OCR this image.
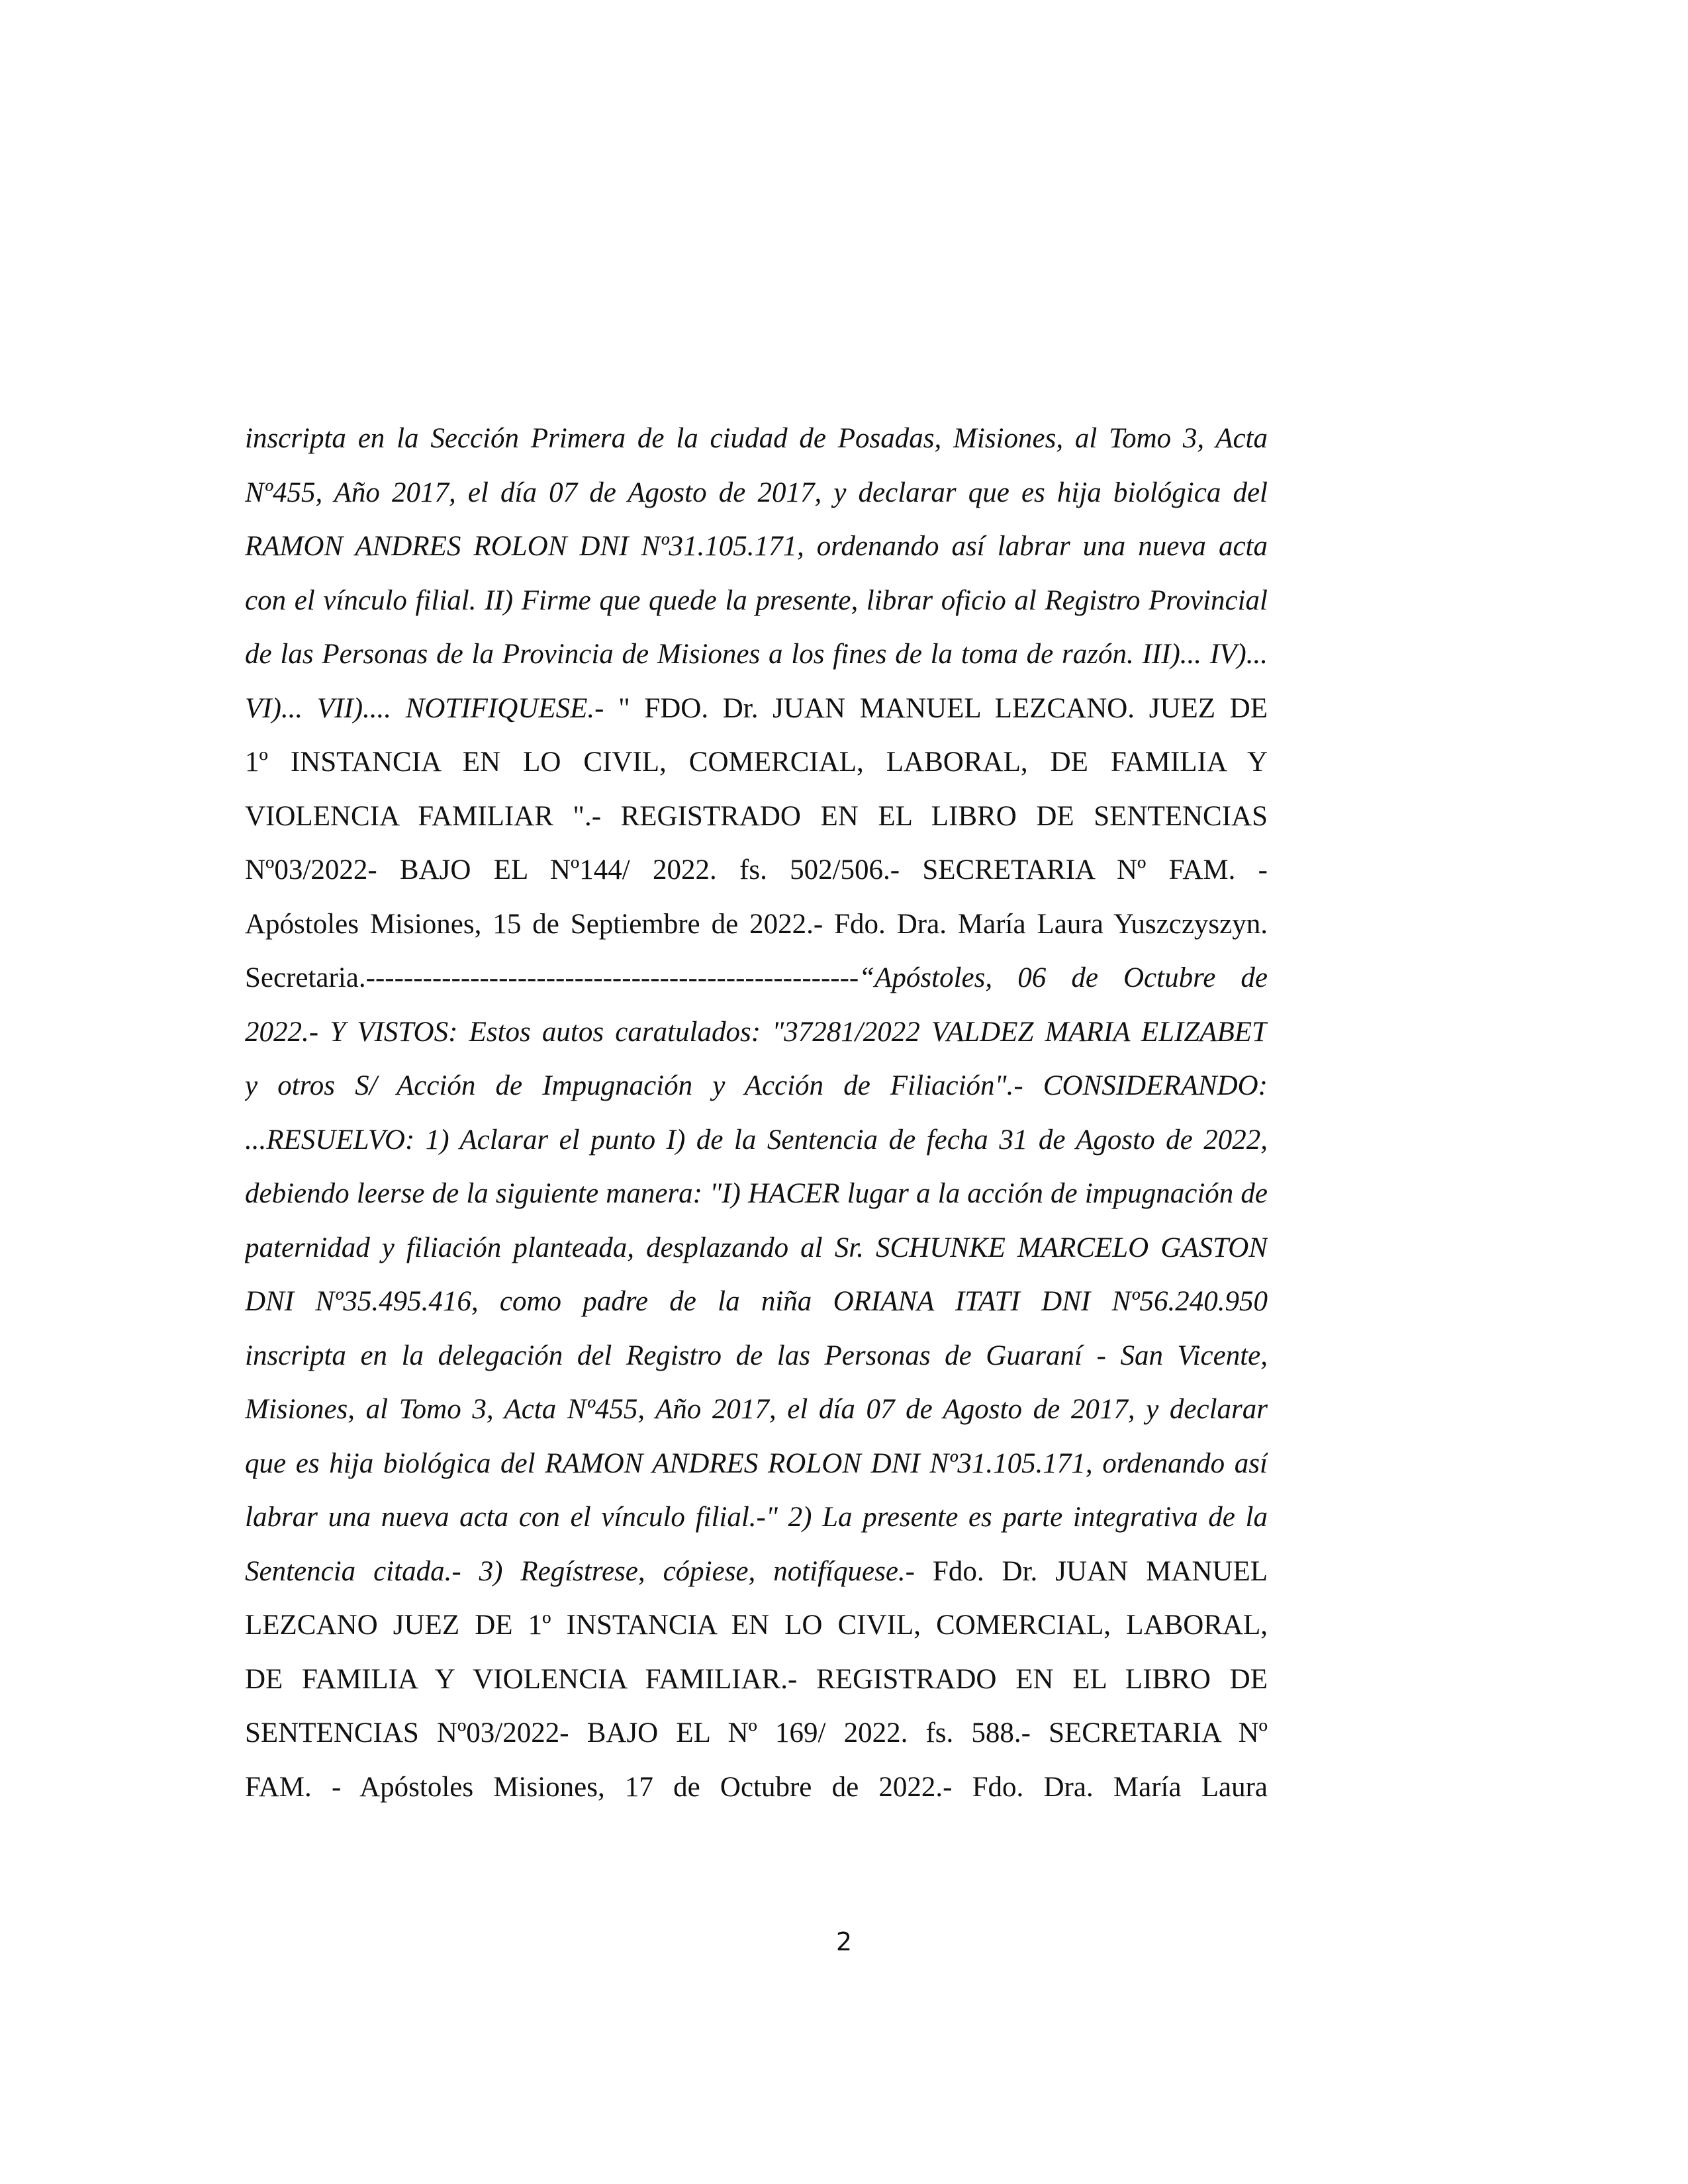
inscripta en la Sección Primera de la ciudad de Posadas, Misiones, al Tomo 3, Acta
Nº455, Año 2017, el día 07 de Agosto de 2017, y declarar que es hija biológica del
RAMON ANDRES ROLON DNI Nº31.105.171, ordenando así labrar una nueva acta
con el vínculo filial. II) Firme que quede la presente, librar oficio al Registro Provincial
de las Personas de la Provincia de Misiones a los fines de la toma de razón. III)... IV)...
VI)... VII).... NOTIFIQUESE.- " FDO. Dr. JUAN MANUEL LEZCANO. JUEZ DE
1º INSTANCIA EN LO CIVIL, COMERCIAL, LABORAL, DE FAMILIA Y
VIOLENCIA FAMILIAR ".- REGISTRADO EN EL LIBRO DE SENTENCIAS
Nº03/2022- BAJO EL Nº144/ 2022. fs. 502/506.- SECRETARIA Nº FAM. -
Apóstoles Misiones, 15 de Septiembre de 2022.- Fdo. Dra. María Laura Yuszczyszyn.
Secretaria.----------------------------------------------------“Apóstoles, 06 de Octubre de
2022.- Y VISTOS: Estos autos caratulados: "37281/2022 VALDEZ MARIA ELIZABET
y otros S/ Acción de Impugnación y Acción de Filiación".- CONSIDERANDO:
...RESUELVO: 1) Aclarar el punto I) de la Sentencia de fecha 31 de Agosto de 2022,
debiendo leerse de la siguiente manera: "I) HACER lugar a la acción de impugnación de
paternidad y filiación planteada, desplazando al Sr. SCHUNKE MARCELO GASTON
DNI Nº35.495.416, como padre de la niña ORIANA ITATI DNI Nº56.240.950
inscripta en la delegación del Registro de las Personas de Guaraní - San Vicente,
Misiones, al Tomo 3, Acta Nº455, Año 2017, el día 07 de Agosto de 2017, y declarar
que es hija biológica del RAMON ANDRES ROLON DNI Nº31.105.171, ordenando así
labrar una nueva acta con el vínculo filial.-" 2) La presente es parte integrativa de la
Sentencia citada.- 3) Regístrese, cópiese, notifíquese.- Fdo. Dr. JUAN MANUEL
LEZCANO JUEZ DE 1º INSTANCIA EN LO CIVIL, COMERCIAL, LABORAL,
DE FAMILIA Y VIOLENCIA FAMILIAR.- REGISTRADO EN EL LIBRO DE
SENTENCIAS Nº03/2022- BAJO EL Nº 169/ 2022. fs. 588.- SECRETARIA Nº
FAM. - Apóstoles Misiones, 17 de Octubre de 2022.- Fdo. Dra. María Laura
2
